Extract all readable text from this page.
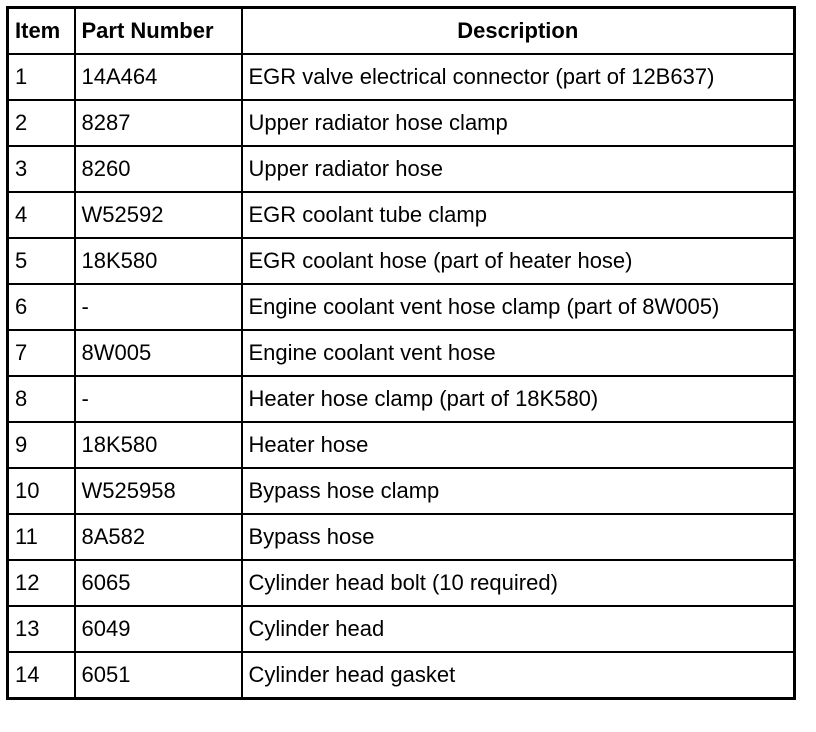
Item	Part Number	Description
1	14A464	EGR valve electrical connector (part of 12B637)
2	8287	Upper radiator hose clamp
3	8260	Upper radiator hose
4	W52592	EGR coolant tube clamp
5	18K580	EGR coolant hose (part of heater hose)
6	-	Engine coolant vent hose clamp (part of 8W005)
7	8W005	Engine coolant vent hose
8	-	Heater hose clamp (part of 18K580)
9	18K580	Heater hose
10	W525958	Bypass hose clamp
11	8A582	Bypass hose
12	6065	Cylinder head bolt (10 required)
13	6049	Cylinder head
14	6051	Cylinder head gasket
